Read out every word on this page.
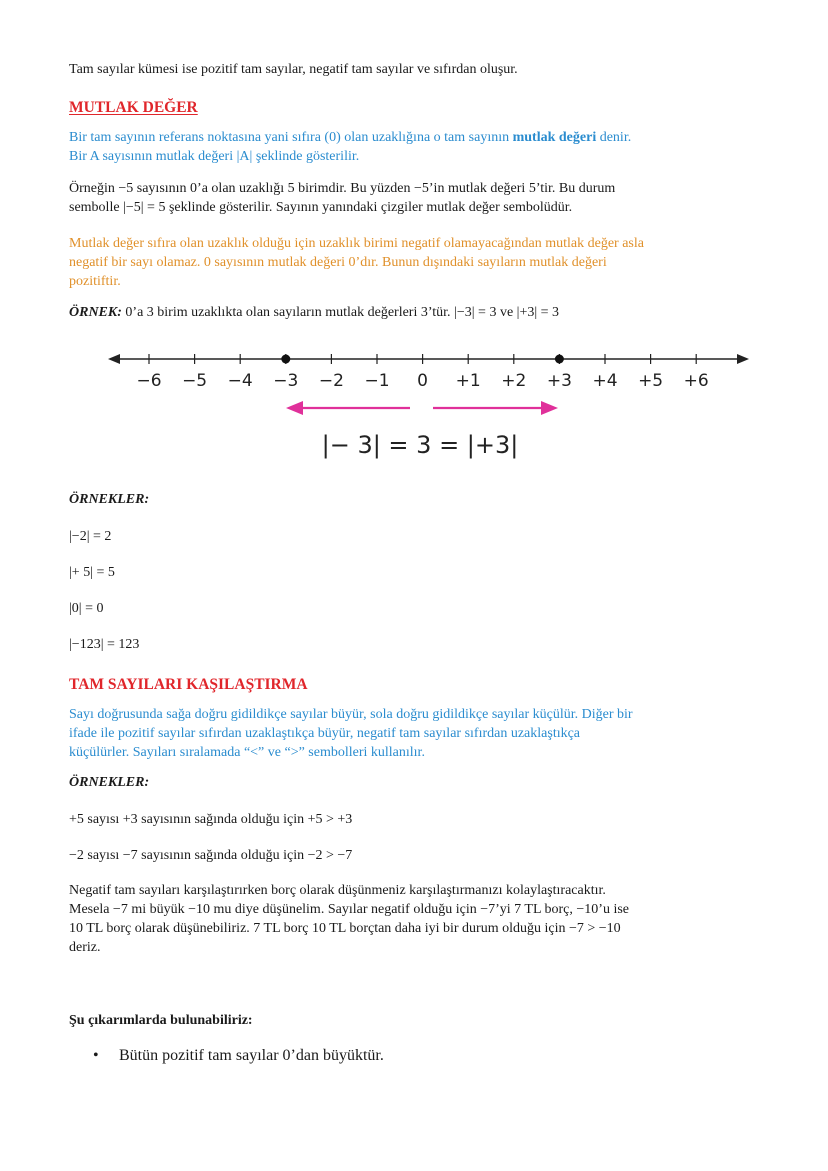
Tam sayılar kümesi ise pozitif tam sayılar, negatif tam sayılar ve sıfırdan oluşur.

MUTLAK DEĞER

Bir tam sayının referans noktasına yani sıfıra (0) olan uzaklığına o tam sayının mutlak değeri denir.

Bir A sayısının mutlak değeri |A| şeklinde gösterilir.

Örneğin −5 sayısının 0’a olan uzaklığı 5 birimdir. Bu yüzden −5’in mutlak değeri 5’tir. Bu durum

sembolle |−5| = 5 şeklinde gösterilir. Sayının yanındaki çizgiler mutlak değer sembolüdür.

Mutlak değer sıfıra olan uzaklık olduğu için uzaklık birimi negatif olamayacağından mutlak değer asla

negatif bir sayı olamaz. 0 sayısının mutlak değeri 0’dır. Bunun dışındaki sayıların mutlak değeri

pozitiftir.

ÖRNEK: 0’a 3 birim uzaklıkta olan sayıların mutlak değerleri 3’tür. |−3| = 3 ve |+3| = 3

−6 −5 −4 −3 −2 −1 0 +1 +2 +3 +4 +5 +6
|− 3| = 3 = |+3|

ÖRNEKLER:

|−2| = 2

|+ 5| = 5

|0| = 0

|−123| = 123

TAM SAYILARI KAŞILAŞTIRMA

Sayı doğrusunda sağa doğru gidildikçe sayılar büyür, sola doğru gidildikçe sayılar küçülür. Diğer bir

ifade ile pozitif sayılar sıfırdan uzaklaştıkça büyür, negatif tam sayılar sıfırdan uzaklaştıkça

küçülürler. Sayıları sıralamada “<” ve “>” sembolleri kullanılır.

ÖRNEKLER:

+5 sayısı +3 sayısının sağında olduğu için +5 > +3

−2 sayısı −7 sayısının sağında olduğu için −2 > −7

Negatif tam sayıları karşılaştırırken borç olarak düşünmeniz karşılaştırmanızı kolaylaştıracaktır.

Mesela −7 mi büyük −10 mu diye düşünelim. Sayılar negatif olduğu için −7’yi 7 TL borç, −10’u ise

10 TL borç olarak düşünebiliriz. 7 TL borç 10 TL borçtan daha iyi bir durum olduğu için −7 > −10

deriz.

Şu çıkarımlarda bulunabiliriz:

•	Bütün pozitif tam sayılar 0’dan büyüktür.
